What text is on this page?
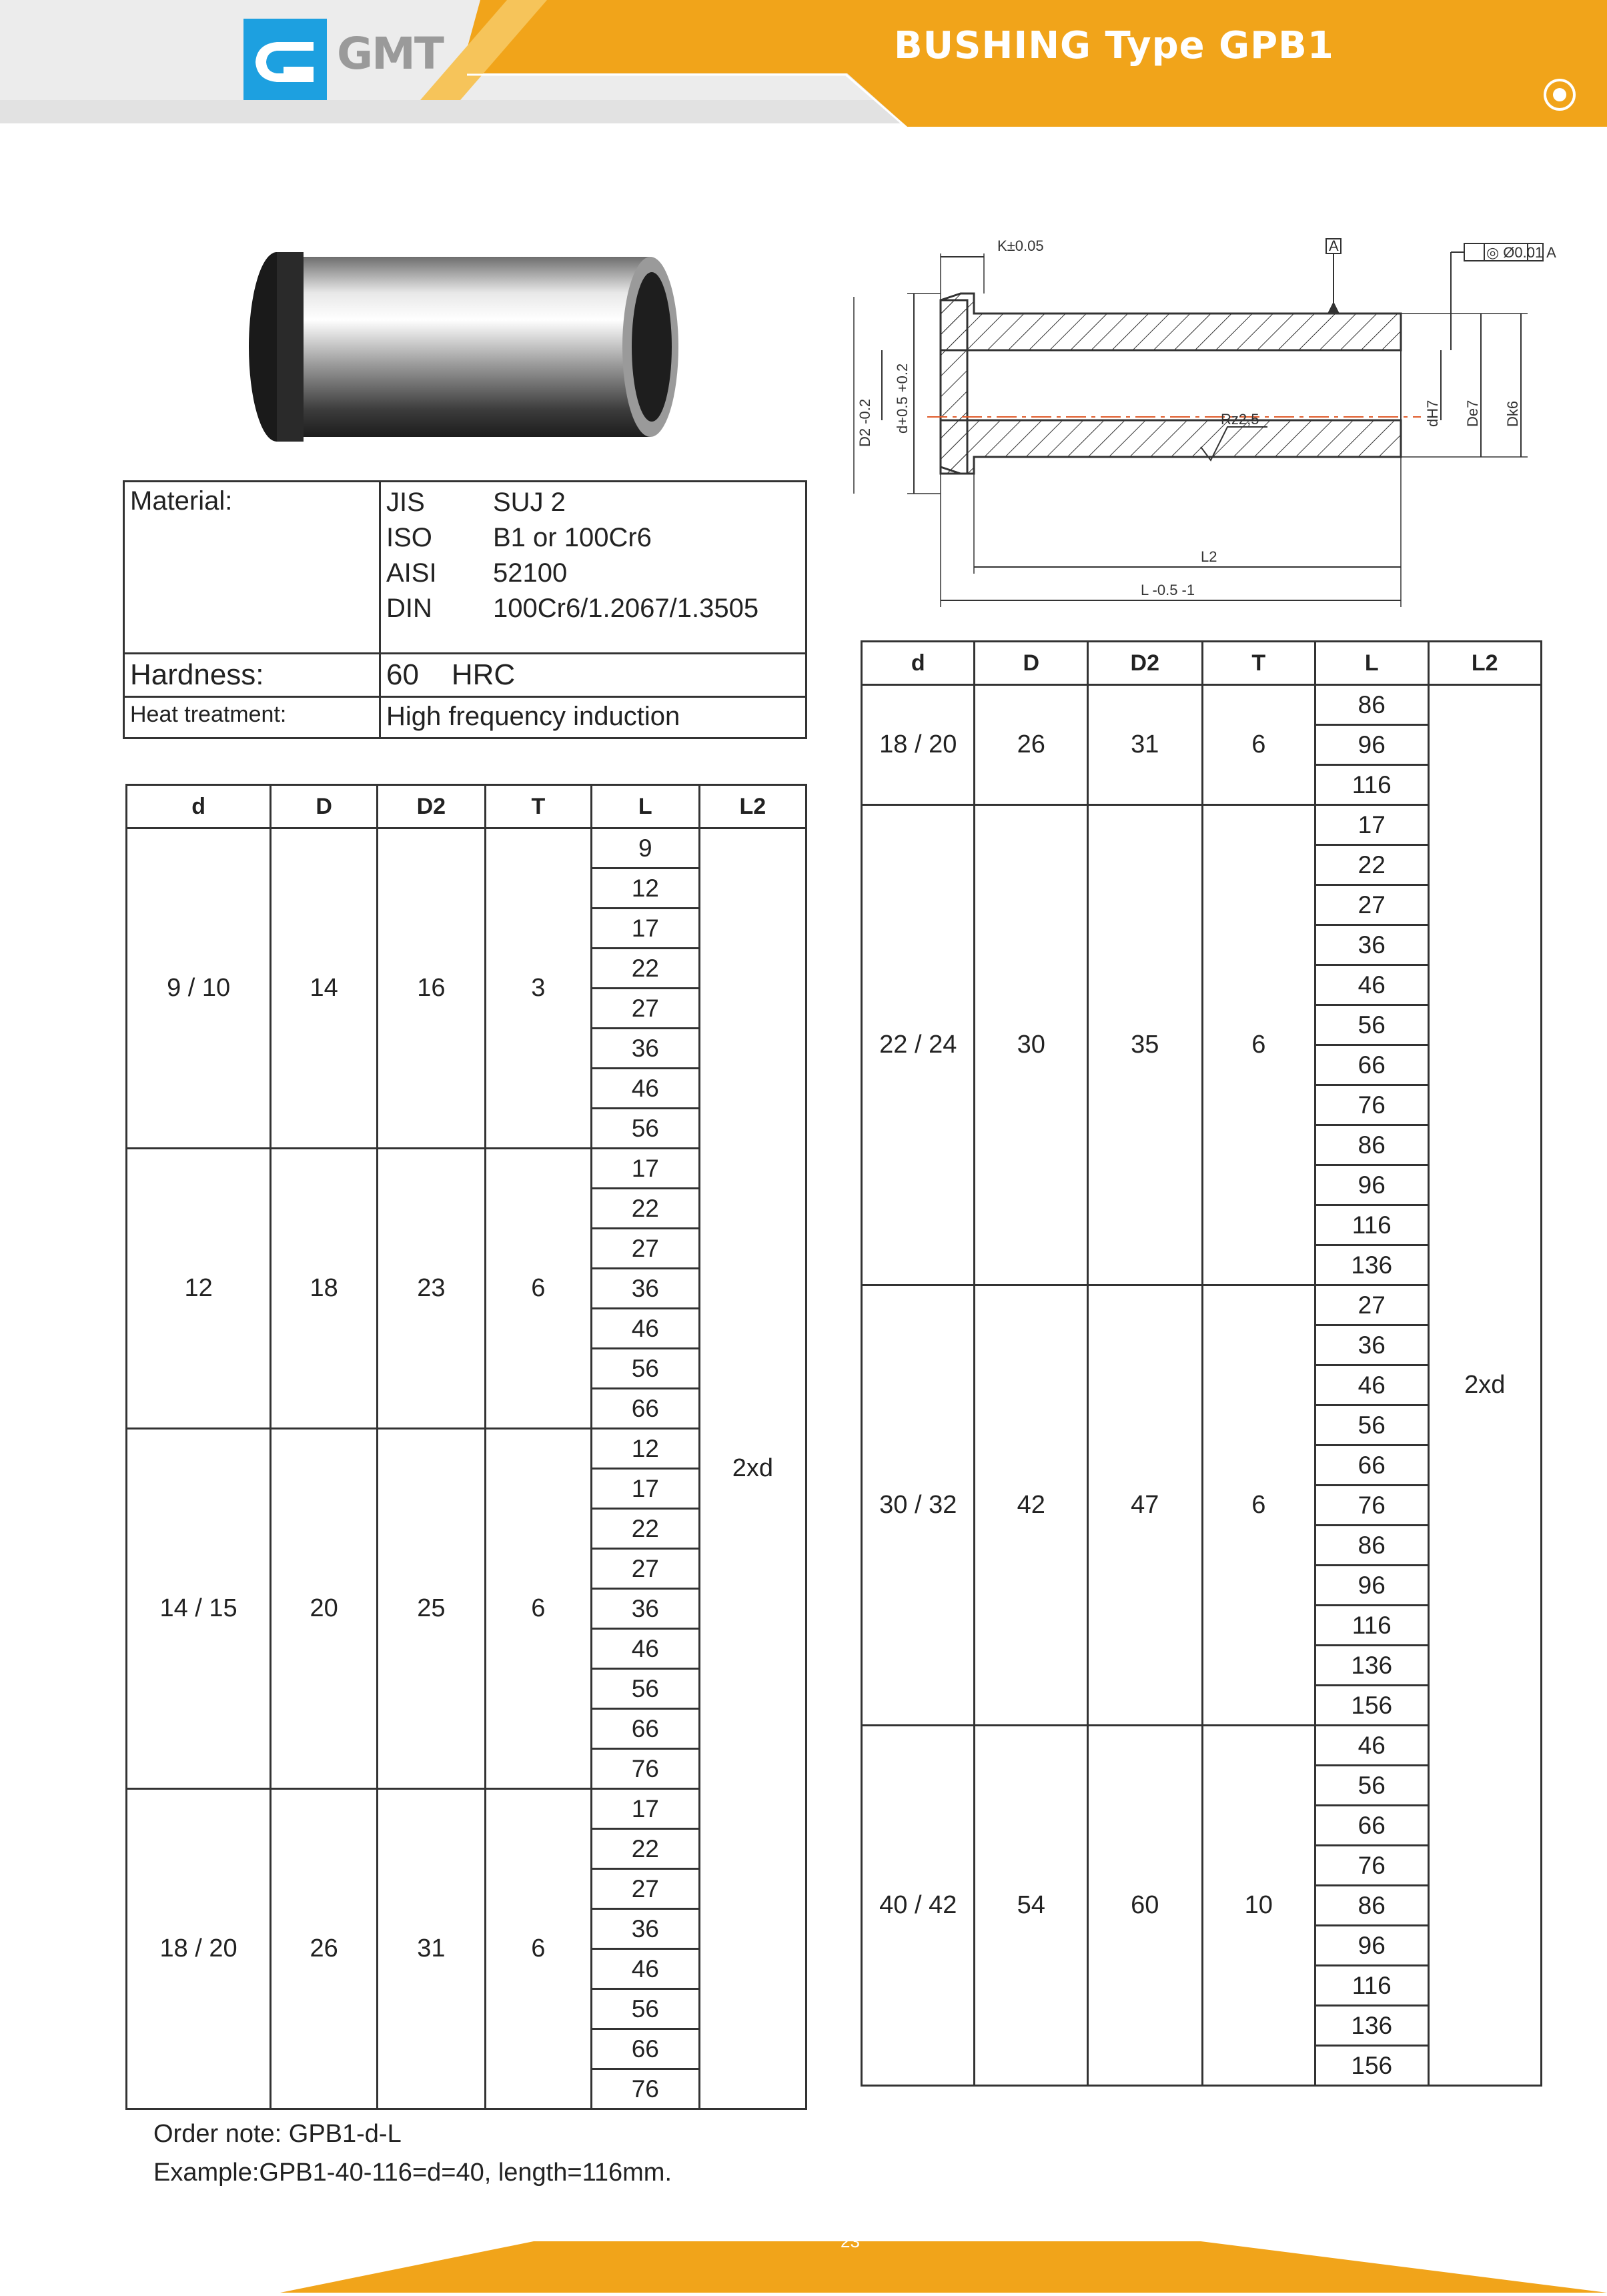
GMT	BUSHING Type GPB1
K±0.05	A	◎ Ø0.01 A
Rz2,5
L2
L -0.5 -1
D2 -0.2 d+0.5 +0.2	dH7 De7 Dk6
Material:		JIS	SUJ 2
ISO	B1 or 100Cr6
AISI	52100
DIN	100Cr6/1.2067/1.3505

Hardness:	60    HRC
Heat treatment:	High frequency induction
d	D	D2	T	L	L2
9 / 10	14	16	3	9	2xd
				12	
				17	
				22	
				27	
				36	
				46	
				56	
12	18	23	6	17	
				22	
				27	
				36	
				46	
				56	
				66	
14 / 15	20	25	6	12	
				17	
				22	
				27	
				36	
				46	
				56	
				66	
				76	
18 / 20	26	31	6	17	
				22	
				27	
				36	
				46	
				56	
				66	
				76	
d	D	D2	T	L	L2
18 / 20	26	31	6	86	2xd
				96	
				116	
22 / 24	30	35	6	17	
				22	
				27	
				36	
				46	
				56	
				66	
				76	
				86	
				96	
				116	
				136	
30 / 32	42	47	6	27	
				36	
				46	
				56	
				66	
				76	
				86	
				96	
				116	
				136	
				156	
40 / 42	54	60	10	46	
				56	
				66	
				76	
				86	
				96	
				116	
				136	
				156	
Order note: GPB1-d-L
Example:GPB1-40-116=d=40, length=116mm.
23
